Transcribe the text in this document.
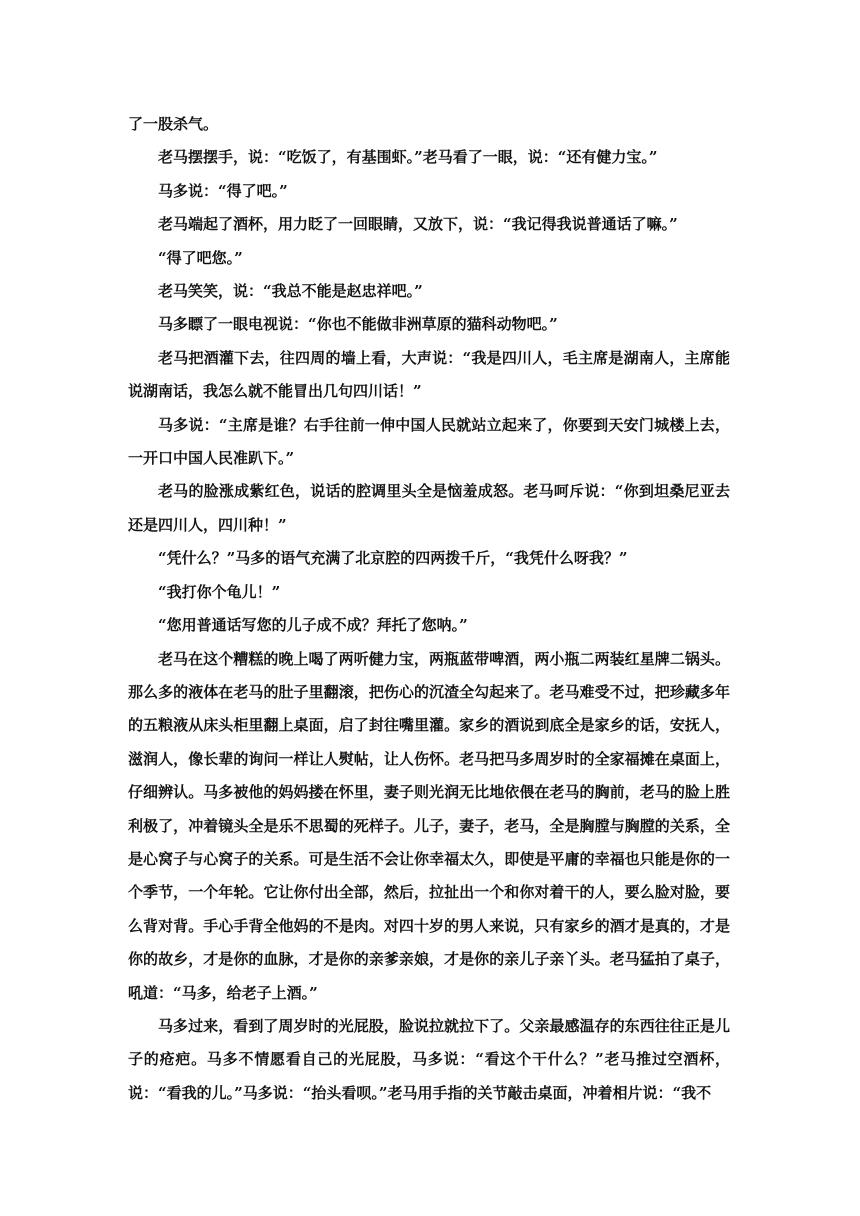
了一股杀气。

老马摆摆手，说：“吃饭了，有基围虾。”老马看了一眼，说：“还有健力宝。”

马多说：“得了吧。”

老马端起了酒杯，用力眨了一回眼睛，又放下，说：“我记得我说普通话了嘛。”

“得了吧您。”

老马笑笑，说：“我总不能是赵忠祥吧。”

马多瞟了一眼电视说：“你也不能做非洲草原的猫科动物吧。”

老马把酒灌下去，往四周的墙上看，大声说：“我是四川人，毛主席是湖南人，主席能说湖南话，我怎么就不能冒出几句四川话！”

马多说：“主席是谁？右手往前一伸中国人民就站立起来了，你要到天安门城楼上去，一开口中国人民准趴下。”

老马的脸涨成紫红色，说话的腔调里头全是恼羞成怒。老马呵斥说：“你到坦桑尼亚去还是四川人，四川种！”

“凭什么？”马多的语气充满了北京腔的四两拨千斤，“我凭什么呀我？”

“我打你个龟儿！”

“您用普通话写您的儿子成不成？拜托了您呐。”

老马在这个糟糕的晚上喝了两听健力宝，两瓶蓝带啤酒，两小瓶二两装红星牌二锅头。那么多的液体在老马的肚子里翻滚，把伤心的沉渣全勾起来了。老马难受不过，把珍藏多年的五粮液从床头柜里翻上桌面，启了封往嘴里灌。家乡的酒说到底全是家乡的话，安抚人，滋润人，像长辈的询问一样让人熨帖，让人伤怀。老马把马多周岁时的全家福摊在桌面上，仔细辨认。马多被他的妈妈搂在怀里，妻子则光润无比地依偎在老马的胸前，老马的脸上胜利极了，冲着镜头全是乐不思蜀的死样子。儿子，妻子，老马，全是胸膛与胸膛的关系，全是心窝子与心窝子的关系。可是生活不会让你幸福太久，即使是平庸的幸福也只能是你的一个季节，一个年轮。它让你付出全部，然后，拉扯出一个和你对着干的人，要么脸对脸，要么背对背。手心手背全他妈的不是肉。对四十岁的男人来说，只有家乡的酒才是真的，才是你的故乡，才是你的血脉，才是你的亲爹亲娘，才是你的亲儿子亲丫头。老马猛拍了桌子，吼道：“马多，给老子上酒。”

马多过来，看到了周岁时的光屁股，脸说拉就拉下了。父亲最感温存的东西往往正是儿子的疮疤。马多不情愿看自己的光屁股，马多说：“看这个干什么？”老马推过空酒杯，说：“看我的儿。”马多说：“抬头看呗。”老马用手指的关节敲击桌面，冲着相片说：“我不
